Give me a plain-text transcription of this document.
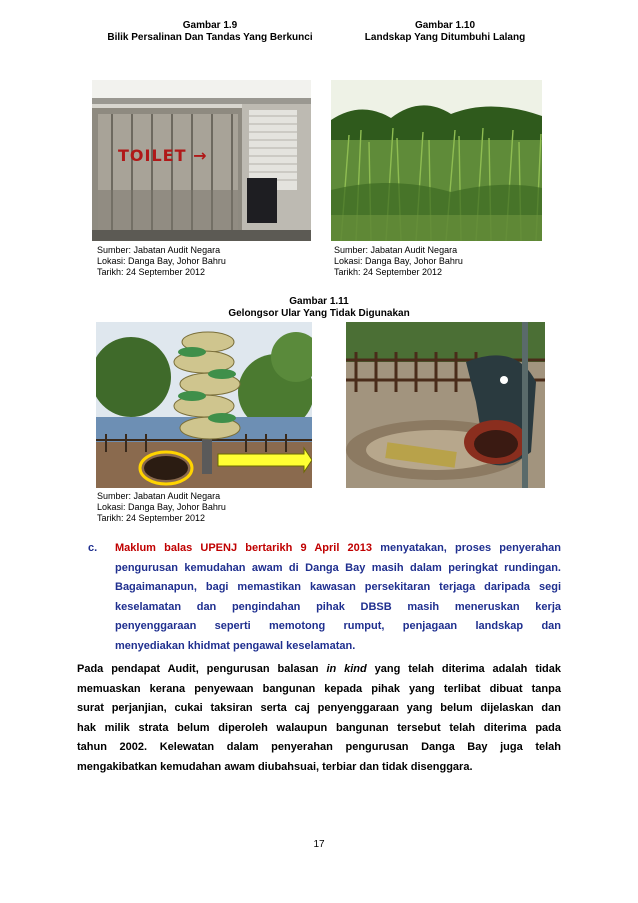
Gambar 1.9
Bilik Persalinan Dan Tandas Yang Berkunci
Gambar 1.10
Landskap Yang Ditumbuhi Lalang
TOILET →
Sumber: Jabatan Audit Negara
Lokasi: Danga Bay, Johor Bahru
Tarikh: 24 September 2012
Sumber: Jabatan Audit Negara
Lokasi: Danga Bay, Johor Bahru
Tarikh: 24 September 2012
Gambar 1.11
Gelongsor Ular Yang Tidak Digunakan
Sumber: Jabatan Audit Negara
Lokasi: Danga Bay, Johor Bahru
Tarikh: 24 September 2012
c.	Maklum balas UPENJ bertarikh 9 April 2013 menyatakan, proses penyerahan
pengurusan kemudahan awam di Danga Bay masih dalam peringkat rundingan.
Bagaimanapun, bagi memastikan kawasan persekitaran terjaga daripada segi
keselamatan dan pengindahan pihak DBSB masih meneruskan kerja
penyenggaraan seperti memotong rumput, penjagaan landskap dan
menyediakan khidmat pengawal keselamatan.
Pada pendapat Audit, pengurusan balasan in kind yang telah diterima adalah tidak
memuaskan kerana penyewaan bangunan kepada pihak yang terlibat dibuat tanpa
surat perjanjian, cukai taksiran serta caj penyenggaraan yang belum dijelaskan dan
hak milik strata belum diperoleh walaupun bangunan tersebut telah diterima pada
tahun 2002. Kelewatan dalam penyerahan pengurusan Danga Bay juga telah
mengakibatkan kemudahan awam diubahsuai, terbiar dan tidak disenggara.
17
